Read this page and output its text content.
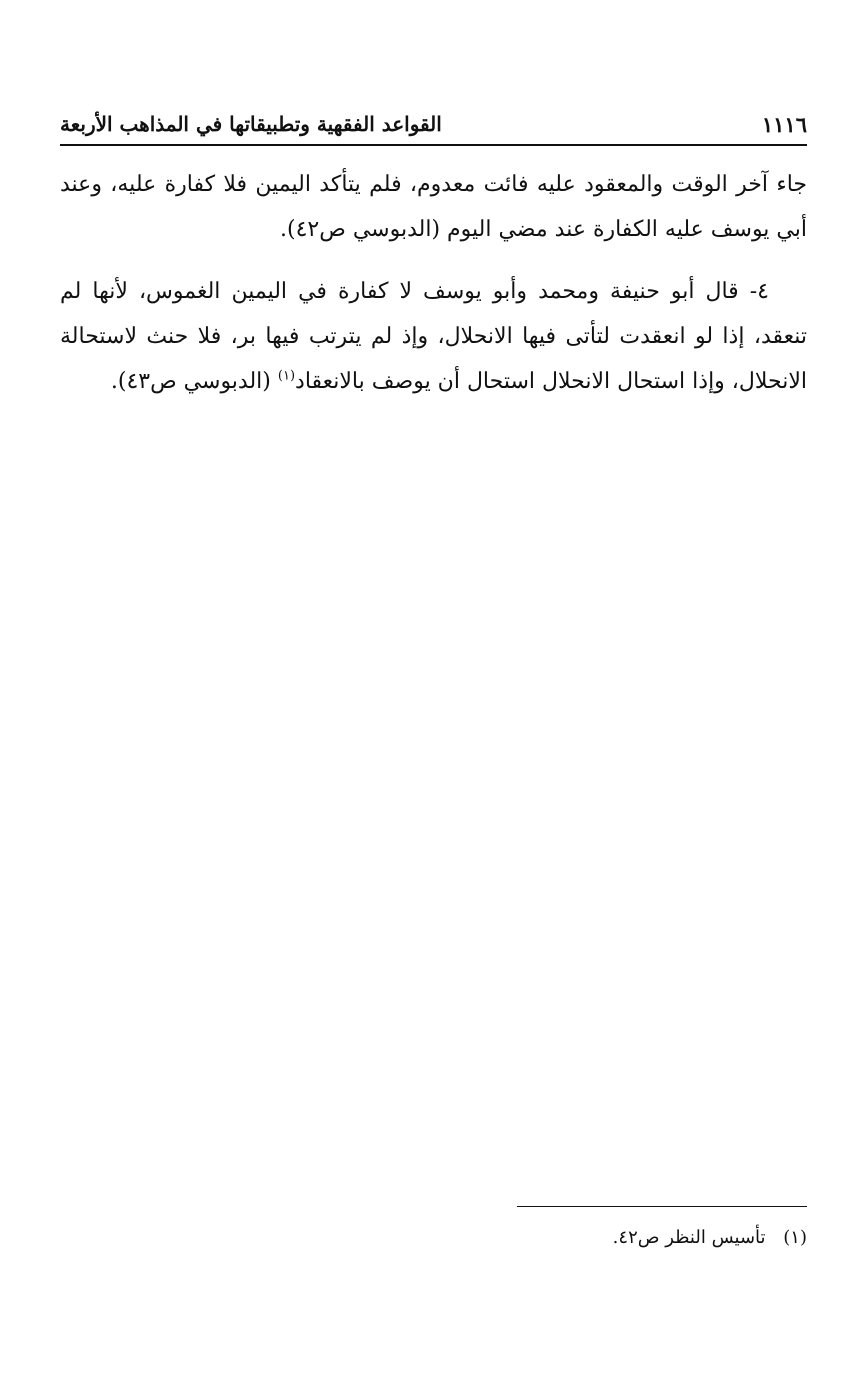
١١١٦
القواعد الفقهية وتطبيقاتها في المذاهب الأربعة

جاء آخر الوقت والمعقود عليه فائت معدوم، فلم يتأكد اليمين فلا كفارة عليه، وعند أبي يوسف عليه الكفارة عند مضي اليوم (الدبوسي ص٤٢).

٤- قال أبو حنيفة ومحمد وأبو يوسف لا كفارة في اليمين الغموس، لأنها لم تنعقد، إذا لو انعقدت لتأتى فيها الانحلال، وإذ لم يترتب فيها بر، فلا حنث لاستحالة الانحلال، وإذا استحال الانحلال استحال أن يوصف بالانعقاد$^{(١)}$ (الدبوسي ص٤٣).

(١) تأسيس النظر ص٤٢.
